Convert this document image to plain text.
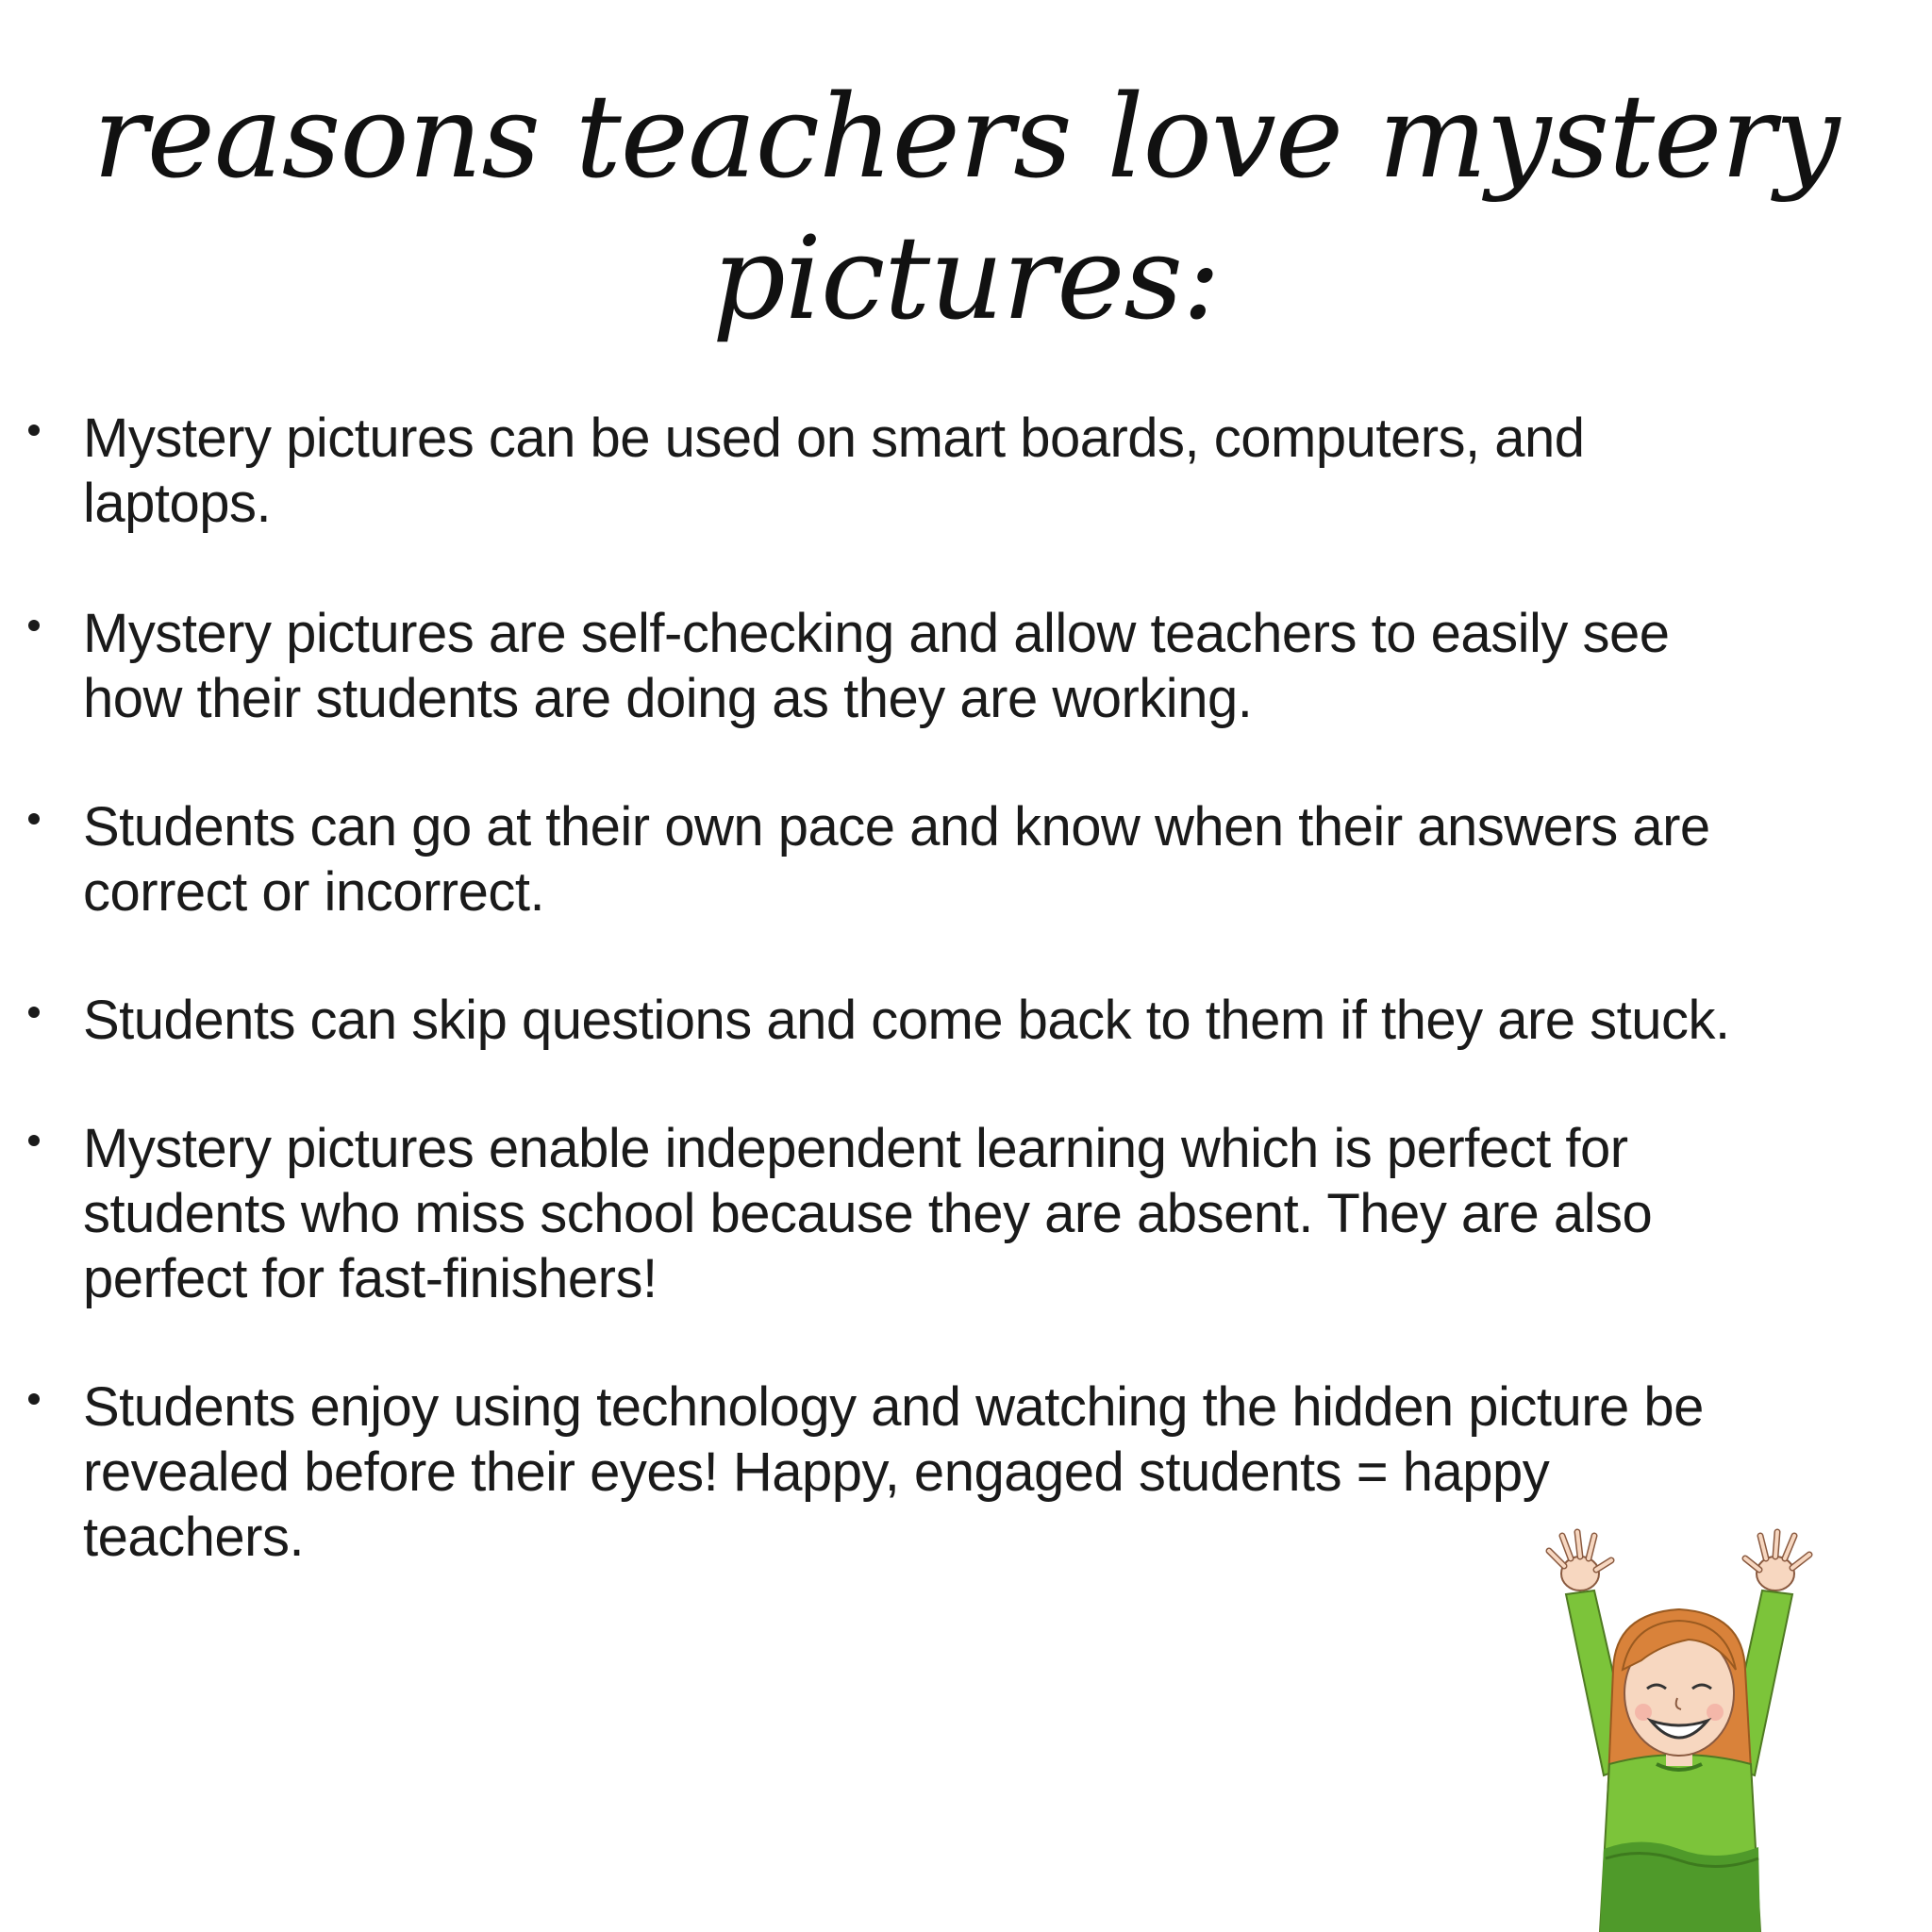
reasons teachers love mystery
pictures:
Mystery pictures can be used on smart boards, computers, and
laptops.
Mystery pictures are self-checking and allow teachers to easily see
how their students are doing as they are working.
Students can go at their own pace and know when their answers are
correct or incorrect.
Students can skip questions and come back to them if they are stuck.
Mystery pictures enable independent learning which is perfect for
students who miss school because they are absent. They are also
perfect for fast-finishers!
Students enjoy using technology and watching the hidden picture be
revealed before their eyes! Happy, engaged students = happy
teachers.
